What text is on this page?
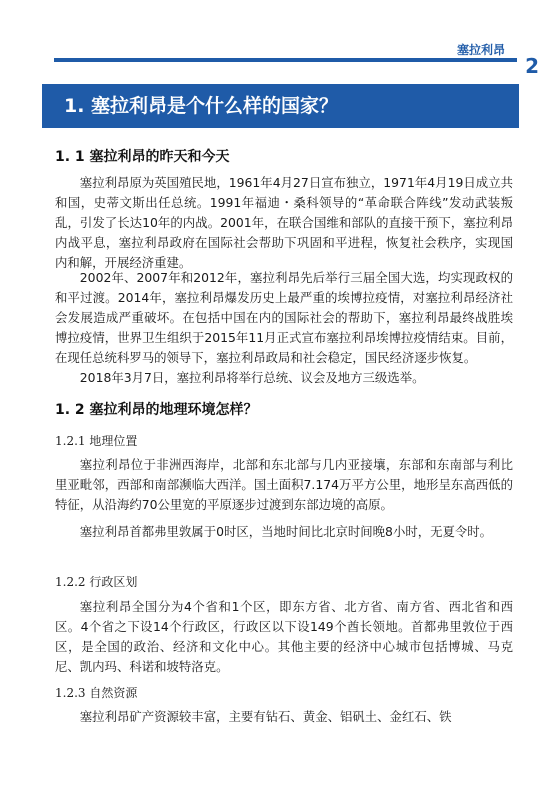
塞拉利昂
2
1. 塞拉利昂是个什么样的国家？
1. 1 塞拉利昂的昨天和今天

塞拉利昂原为英国殖民地，1961年4月27日宣布独立，1971年4月19日成立共和国，史蒂文斯出任总统。1991年福迪・桑科领导的“革命联合阵线”发动武装叛乱，引发了长达10年的内战。2001年，在联合国维和部队的直接干预下，塞拉利昂内战平息，塞拉利昂政府在国际社会帮助下巩固和平进程，恢复社会秩序，实现国内和解，开展经济重建。

2002年、2007年和2012年，塞拉利昂先后举行三届全国大选，均实现政权的和平过渡。2014年，塞拉利昂爆发历史上最严重的埃博拉疫情，对塞拉利昂经济社会发展造成严重破坏。在包括中国在内的国际社会的帮助下，塞拉利昂最终战胜埃博拉疫情，世界卫生组织于2015年11月正式宣布塞拉利昂埃博拉疫情结束。目前，在现任总统科罗马的领导下，塞拉利昂政局和社会稳定，国民经济逐步恢复。

2018年3月7日，塞拉利昂将举行总统、议会及地方三级选举。

1. 2 塞拉利昂的地理环境怎样？
1.2.1 地理位置

塞拉利昂位于非洲西海岸，北部和东北部与几内亚接壤，东部和东南部与利比里亚毗邻，西部和南部濒临大西洋。国土面积7.174万平方公里，地形呈东高西低的特征，从沿海约70公里宽的平原逐步过渡到东部边境的高原。

塞拉利昂首都弗里敦属于0时区，当地时间比北京时间晚8小时，无夏令时。

1.2.2 行政区划

塞拉利昂全国分为4个省和1个区，即东方省、北方省、南方省、西北省和西区。4个省之下设14个行政区，行政区以下设149个酋长领地。首都弗里敦位于西区，是全国的政治、经济和文化中心。其他主要的经济中心城市包括博城、马克尼、凯内玛、科诺和坡特洛克。

1.2.3 自然资源

塞拉利昂矿产资源较丰富，主要有钻石、黄金、铝矾土、金红石、铁
